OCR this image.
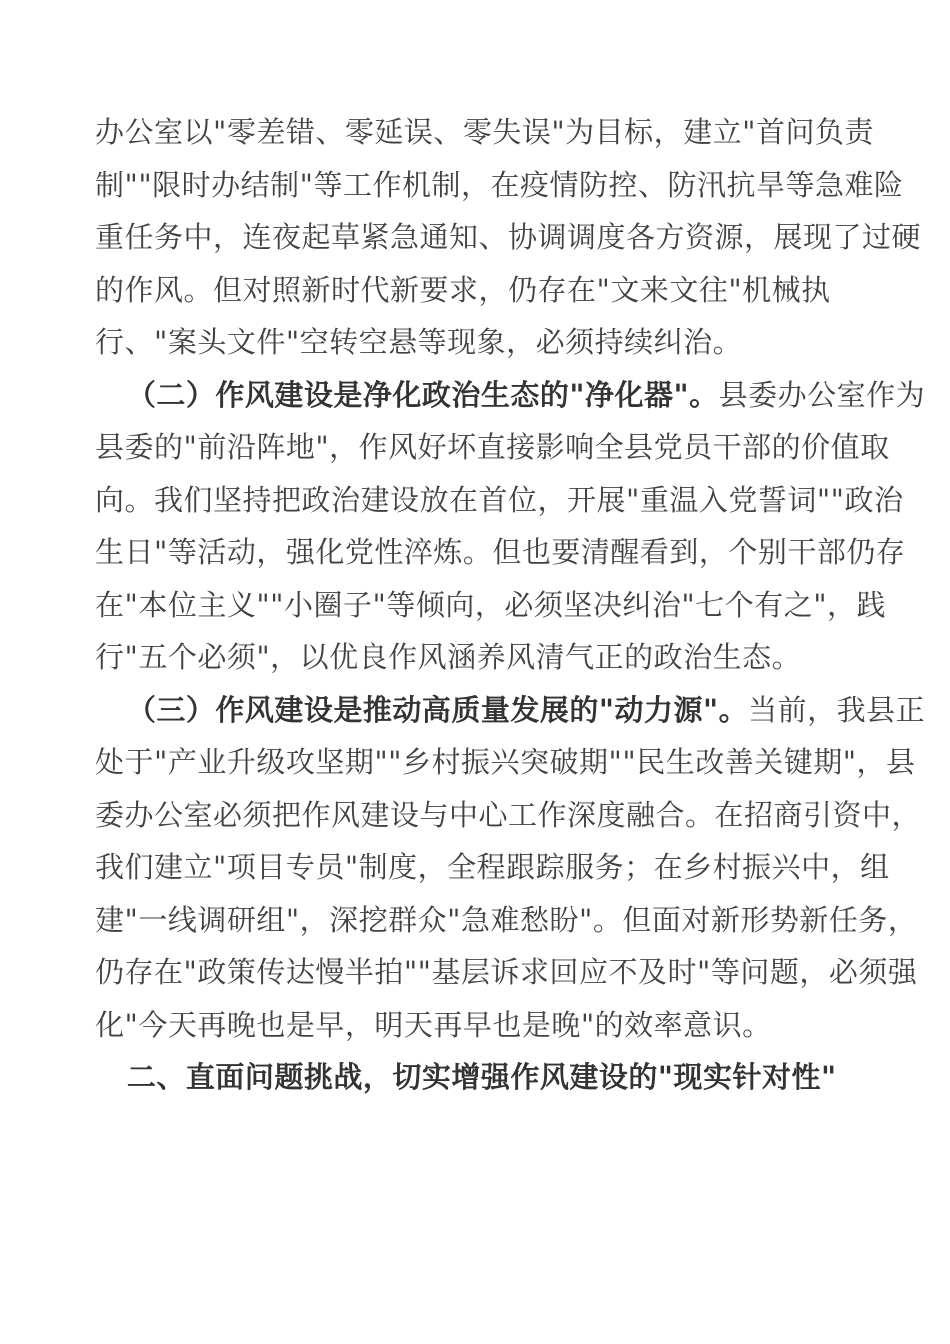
办公室以"零差错、零延误、零失误"为目标，建立"首问负责制""限时办结制"等工作机制，在疫情防控、防汛抗旱等急难险重任务中，连夜起草紧急通知、协调调度各方资源，展现了过硬的作风。但对照新时代新要求，仍存在"文来文往"机械执行、"案头文件"空转空悬等现象，必须持续纠治。

（二）作风建设是净化政治生态的"净化器"。县委办公室作为县委的"前沿阵地"，作风好坏直接影响全县党员干部的价值取向。我们坚持把政治建设放在首位，开展"重温入党誓词""政治生日"等活动，强化党性淬炼。但也要清醒看到，个别干部仍存在"本位主义""小圈子"等倾向，必须坚决纠治"七个有之"，践行"五个必须"，以优良作风涵养风清气正的政治生态。

（三）作风建设是推动高质量发展的"动力源"。当前，我县正处于"产业升级攻坚期""乡村振兴突破期""民生改善关键期"，县委办公室必须把作风建设与中心工作深度融合。在招商引资中，我们建立"项目专员"制度，全程跟踪服务；在乡村振兴中，组建"一线调研组"，深挖群众"急难愁盼"。但面对新形势新任务，仍存在"政策传达慢半拍""基层诉求回应不及时"等问题，必须强化"今天再晚也是早，明天再早也是晚"的效率意识。

二、直面问题挑战，切实增强作风建设的"现实针对性"
